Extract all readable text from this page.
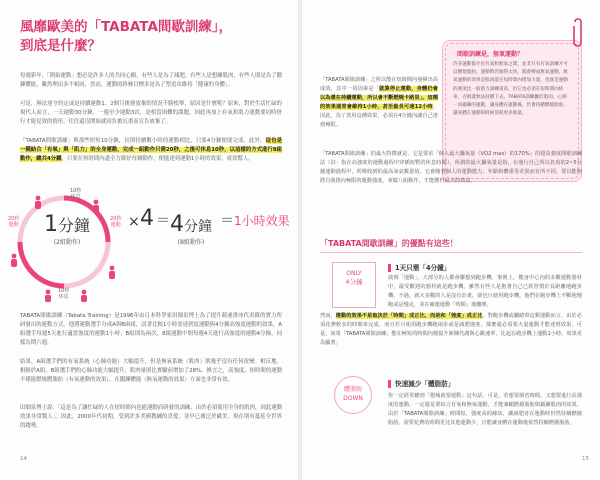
風靡歐美的「TABATA間歇訓練」，
到底是什麼？

每週新年，「開始運動」想必是許多人的共同心願。有些人是為了減肥，有些人是想練肌肉，有些人則是為了鍛鍊體能。雖然理由多不相同，然而，運動的終極目標多是為了塑造出維持「健康的身體」。

可是，無法達守約定或是持續運動1、2個月後便放棄的情況不勝枚舉，原因是什麼呢？原來，對於生活忙碌的現代人而言，一天運動30分鐘，一週至少運動3次，是相當困難的課題，因此再加上有氧和肌力運動要同時併行才能見效的情形，往往還沒開始就因負擔沉重而宣告放棄了。

「TABATA間歇訓練」與那些短短10分鐘，長則持續數小時的運動相比，只要4分鐘便能完成。此外，這也是一種結合「有氧」與「肌力」的全身運動，完成一組動作只需20秒，之後可休息10秒，以這樣的方式進行8組動作，總共4分鐘，只要在短時間內盡全力做好每個動作，便能達到運動1小時的效果，成效驚人。

10秒
休息
20秒
運動
20秒
運動
10秒
休息
1分鐘
(2組動作)
× 4 ＝ 4分鐘
(8組動作)
＝ 1小時效果

TABATA間歇訓練（Tabata Training）是1996年由日本科學家田畑泉博士為了提升競速滑冰代表隊的實力所研發出的運動方式。他將運動選手分成A與B兩組，試著比較1小時需達到度運動與4分鐘高強度運動的效果，A組選手每週5天進行適當強度的運動1小時；B組則為兩次，8組運動中間每週4天進行高強度的運動4分鐘，同樣為期六週。

結果，A組選手們的有氧系統（心肺功能）大幅提升，但是無氧系統（肌肉）則幾乎沒有任何改變。相反地，相較於A組，B組選手們的心肺功能大幅提升，肌肉量則比實驗前增加了28%，換言之，高強度、短時間的運動不僅能燃燒體脂肪（有氧運動的效果），在鍛鍊體能（無氧運動的效果）方面也非常有效。

田畑泉博士說：「這是為了讓忙碌的人在短時間內也能運動而研發的訓練，由於必須使用全身的肌肉，因此運動效果非常驚人」。因此，2000年代初期，受到許多美國教練的喜愛，並早已廣泛於歐美，現在則有蔓延全世界的趨勢。

14
間歇訓練是，無氧運動？

許多運動都介於有氧和無氧之間，並非只有有氧訓練才可以燃燒脂肪。運動時若做得太快，就會變成無氧運動，無氧運動的效果是肌肉能在短時間內增加力量，也就是運動的強度比一般肌力訓練還高，但它也必須在短時間內結束，否則就無法持續下去。TABATA訓練屬於肌肉、心肺一同鍛鍊的運動，讓身體在運動後，仍會持續燃燒脂肪，讓身體在運動的時候消耗更多熱量。

「TABATA間歇訓練」之所以能在短時間內發揮出高成效，其中一項因素是「就算停止運動，身體仍會以為還在持續運動，所以會不斷燃燒卡路里」。這種的效果通常會維持1小時，甚至最長可達12小時。因此，為了善用這種效果，必須在4分鐘內讓自己達到極限。

「TABATA間歇訓練」的最大特徵就是，它是要求「個人最大攝氧量（VO2 max）的170%」的超高強度間歇訓練法（註：指在高強度的運動過程中穿插短暫的休息時間）。所謂的最大攝氧量是指，在運行自己所以負荷的2~5分鐘運動過程中，所吸收到的最高氧氣數量值。它會隨著個人的運動能力、年齡和體重等差異而有所不同。要以能夠將自我推向極限的運動強度，來做八組動作，才能獲得最大的效益。

「TABATA間歇訓練」的優點有這些！
ONLY
4分鐘
1天只需「4分鐘」

談到「運動」，大部分的人都會聯想到跑步機、事實上，健身中心內的多數運動器材中，最受歡迎的器材就是跑步機。雖然有些人是抱著自己已經習慣於長距離地跑步機，不過，就大多數的人是沒有計畫，卻也只使用跑步機，他們在跑步機上不斷地慢跑或是慢走，並在確運運動「時間」後離開。

然而，運動的效果不是取決於「時間」成正比，而是和「強度」成正比。對跑步機或腳踏車這類運動而言，由於必須花費較多的時間來完成，而且若只使用跑步機跑兩步或是減肥速度，那麼還必須要大量運動才能達到效果。可是，如果「TABATA間歇訓練」能在極短的時間內便提升新陳代謝與心跳速率，比起在跑步機上運動1小時，效果更為顯著。

體脂肪
DOWN
快速減少「體脂肪」

你一定經常聽到「想瘦就要運動」這句話。可是，若想要節省時間，又想要進行高強度的運動，一定還是要結合有氧和無氧運動，才能兼顧燃燒脂肪與鍛鍊肌肉的效果。由於「TABATA間歇訓練」時間短、強度高的緣故，讓減肥者在運動時仍然持續燃燒脂肪，需要花費的時間更比其他運動少，且能讓身體在運動後依然持續燃燒脂肪。

15
